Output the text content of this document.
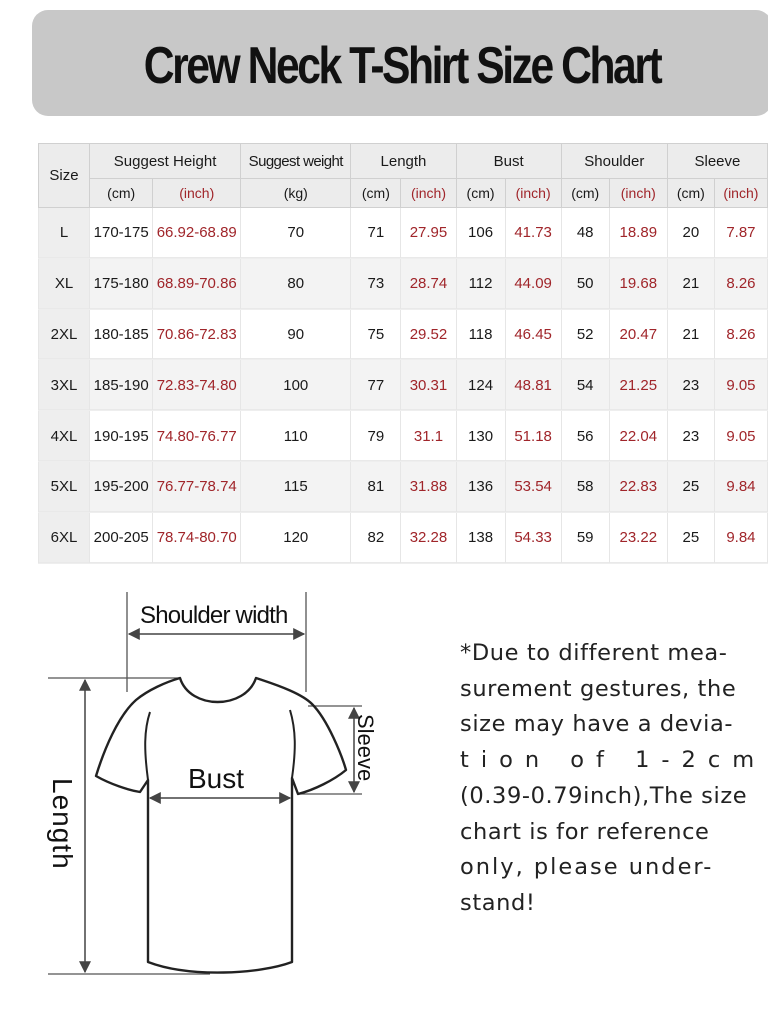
Crew Neck T-Shirt Size Chart
Size	Suggest Height		Suggest weight	Length		Bust		Shoulder		Sleeve	
	(cm)	(inch)	(kg)	(cm)	(inch)	(cm)	(inch)	(cm)	(inch)	(cm)	(inch)
L	170-175	66.92-68.89	70	71	27.95	106	41.73	48	18.89	20	7.87
XL	175-180	68.89-70.86	80	73	28.74	112	44.09	50	19.68	21	8.26
2XL	180-185	70.86-72.83	90	75	29.52	118	46.45	52	20.47	21	8.26
3XL	185-190	72.83-74.80	100	77	30.31	124	48.81	54	21.25	23	9.05
4XL	190-195	74.80-76.77	110	79	31.1	130	51.18	56	22.04	23	9.05
5XL	195-200	76.77-78.74	115	81	31.88	136	53.54	58	22.83	25	9.84
6XL	200-205	78.74-80.70	120	82	32.28	138	54.33	59	23.22	25	9.84
Shoulder width
Bust	Sleeve
Length
*Due to different mea-
surement gestures, the
size may have a devia-
tion of 1-2cm
(0.39-0.79inch),The size
chart is for reference
only, please under-
stand!
